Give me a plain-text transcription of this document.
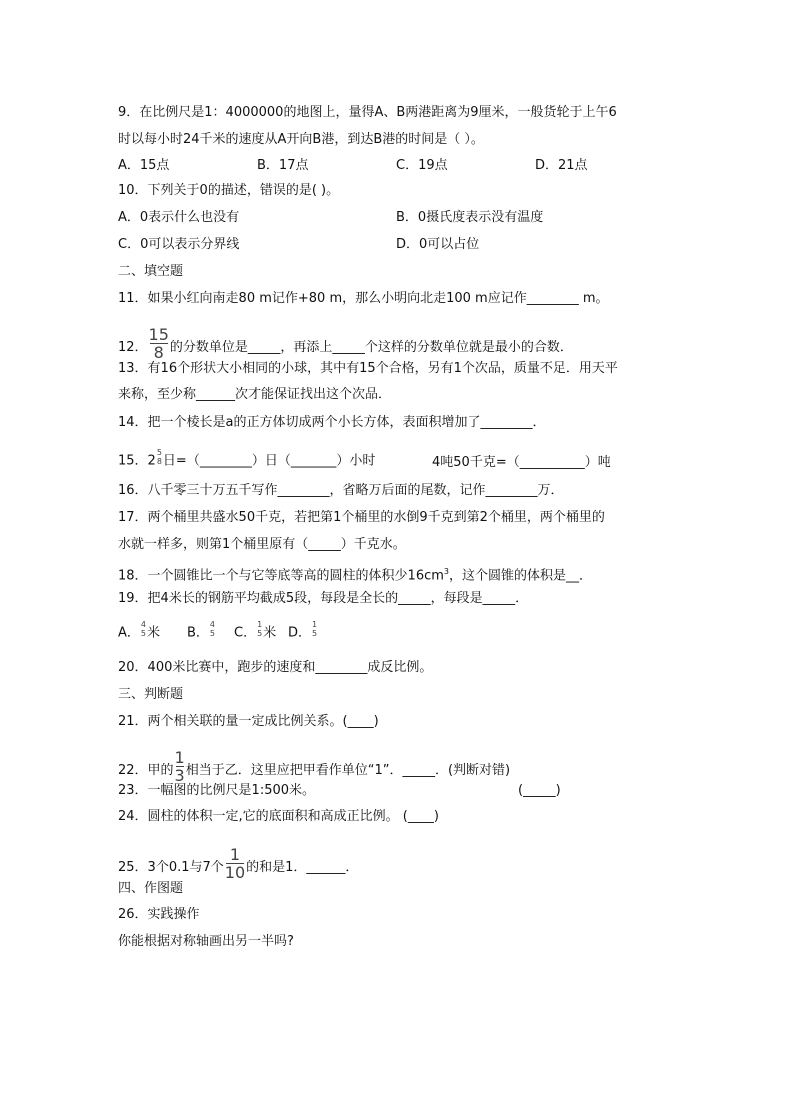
9．在比例尺是1：4000000的地图上，量得A、B两港距离为9厘米，一般货轮于上午6
时以每小时24千米的速度从A开向B港，到达B港的时间是（ ）。
A．15点	B．17点	C．19点	D．21点
10．下列关于0的描述，错误的是( )。
A．0表示什么也没有	B．0摄氏度表示没有温度
C．0可以表示分界线	D．0可以占位
二、填空题
11．如果小红向南走80 m记作+80 m，那么小明向北走100 m应记作________ m。
12． $\frac{15}{8}$ 的分数单位是_____，再添上_____个这样的分数单位就是最小的合数．
13．有16个形状大小相同的小球，其中有15个合格，另有1个次品，质量不足．用天平
来称，至少称______次才能保证找出这个次品．
14．把一个棱长是a的正方体切成两个小长方体，表面积增加了________．
15．2
5
8 日=（________）日（_______）小时	4吨50千克=（__________）吨
16．八千零三十万五千写作________，省略万后面的尾数，记作________万．
17．两个桶里共盛水50千克，若把第1个桶里的水倒9千克到第2个桶里，两个桶里的
水就一样多，则第1个桶里原有（_____）千克水。
18．一个圆锥比一个与它等底等高的圆柱的体积少$16cm^3$，这个圆锥的体积是__．
19．把4米长的钢筋平均截成5段，每段是全长的_____，每段是_____．
A．
4
5 米 B．
4
5 C．
1
5 米 D．
1
5
20．400米比赛中，跑步的速度和________成反比例。
三、判断题
21．两个相关联的量一定成比例关系。(____)
22．甲的 $\frac{1}{3}$ 相当于乙．这里应把甲看作单位“1”．_____．(判断对错)
23．一幅图的比例尺是1:500米。	(_____)
24．圆柱的体积一定,它的底面积和高成正比例。 (____)
25．3个0.1与7个 $\frac{1}{10}$ 的和是1．______．
四、作图题
26．实践操作
你能根据对称轴画出另一半吗?
